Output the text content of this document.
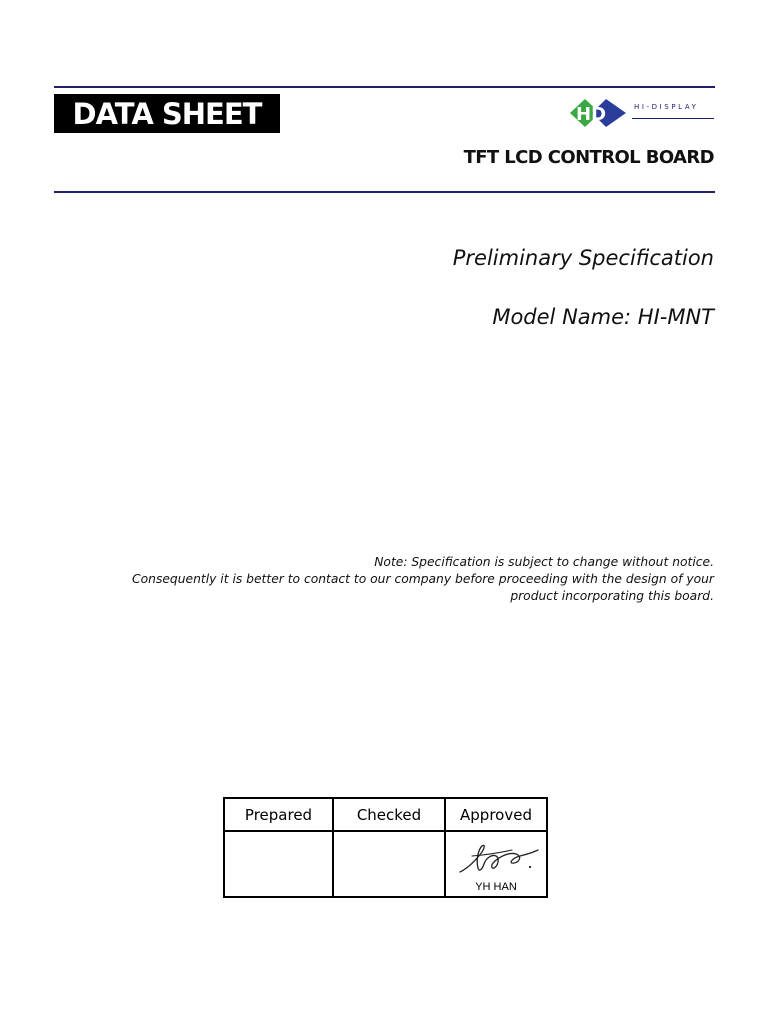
DATA SHEET	HD	HI-DISPLAY
TFT LCD CONTROL BOARD
Preliminary Specification
Model Name: HI-MNT
Note: Specification is subject to change without notice.
Consequently it is better to contact to our company before proceeding with the design of your
product incorporating this board.
Prepared	Checked	Approved

		YH HAN
